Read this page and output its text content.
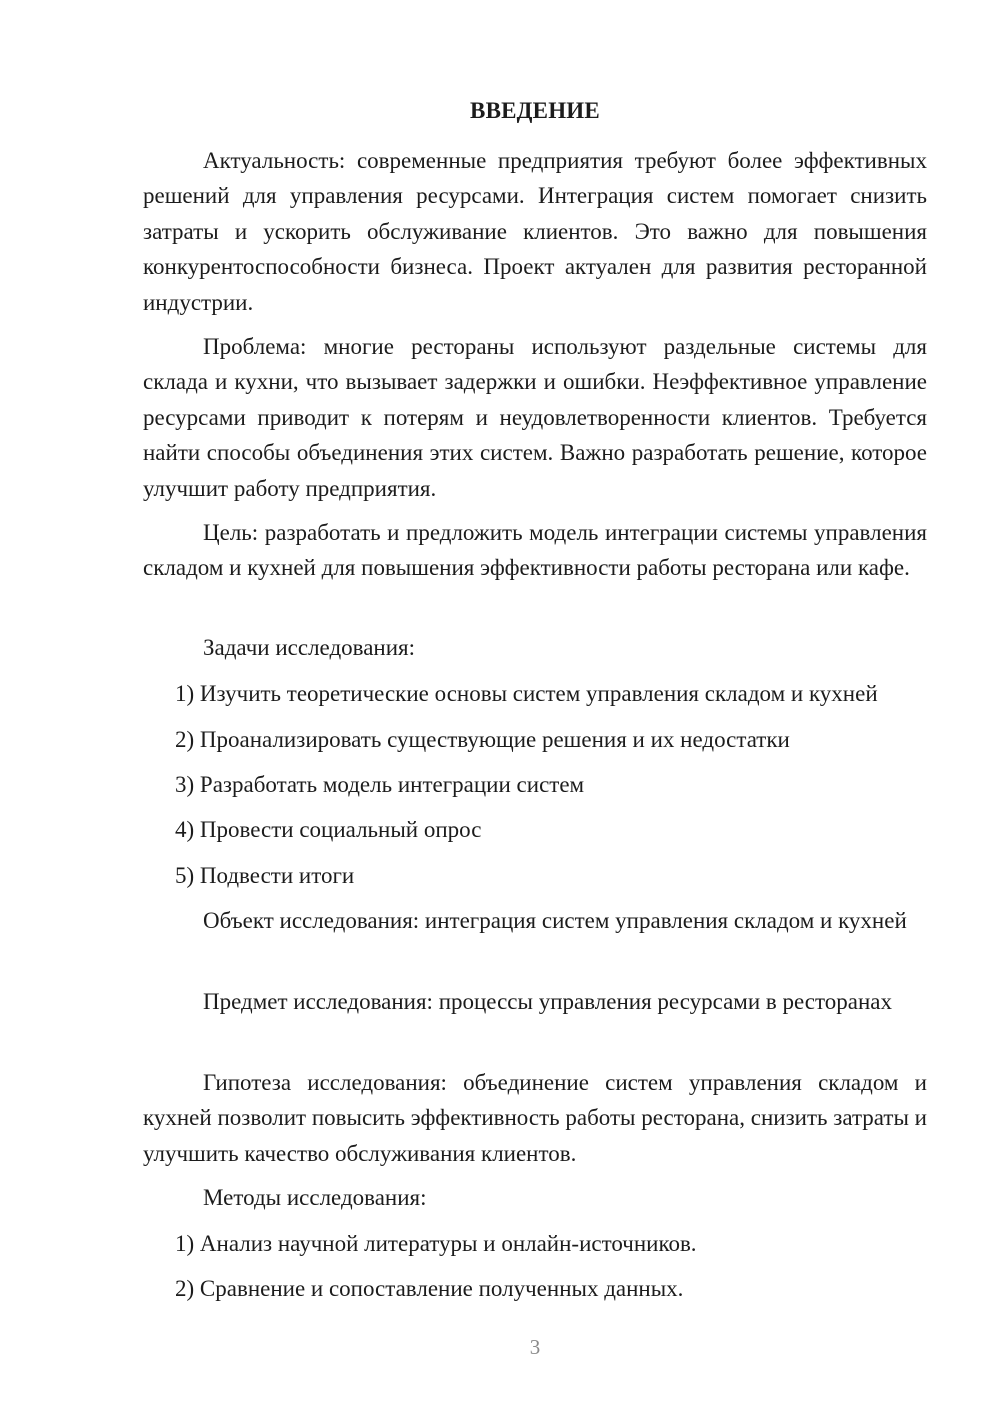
ВВЕДЕНИЕ

Актуальность: современные предприятия требуют более эффективных решений для управления ресурсами. Интеграция систем помогает снизить затраты и ускорить обслуживание клиентов. Это важно для повышения конкурентоспособности бизнеса. Проект актуален для развития ресторанной индустрии.

Проблема: многие рестораны используют раздельные системы для склада и кухни, что вызывает задержки и ошибки. Неэффективное управление ресурсами приводит к потерям и неудовлетворенности клиентов. Требуется найти способы объединения этих систем. Важно разработать решение, которое улучшит работу предприятия.

Цель: разработать и предложить модель интеграции системы управления складом и кухней для повышения эффективности работы ресторана или кафе.

Задачи исследования:

1) Изучить теоретические основы систем управления складом и кухней

2) Проанализировать существующие решения и их недостатки

3) Разработать модель интеграции систем

4) Провести социальный опрос

5) Подвести итоги

Объект исследования: интеграция систем управления складом и кухней

Предмет исследования: процессы управления ресурсами в ресторанах

Гипотеза исследования: объединение систем управления складом и кухней позволит повысить эффективность работы ресторана, снизить затраты и улучшить качество обслуживания клиентов.

Методы исследования:

1) Анализ научной литературы и онлайн-источников.

2) Сравнение и сопоставление полученных данных.

3
